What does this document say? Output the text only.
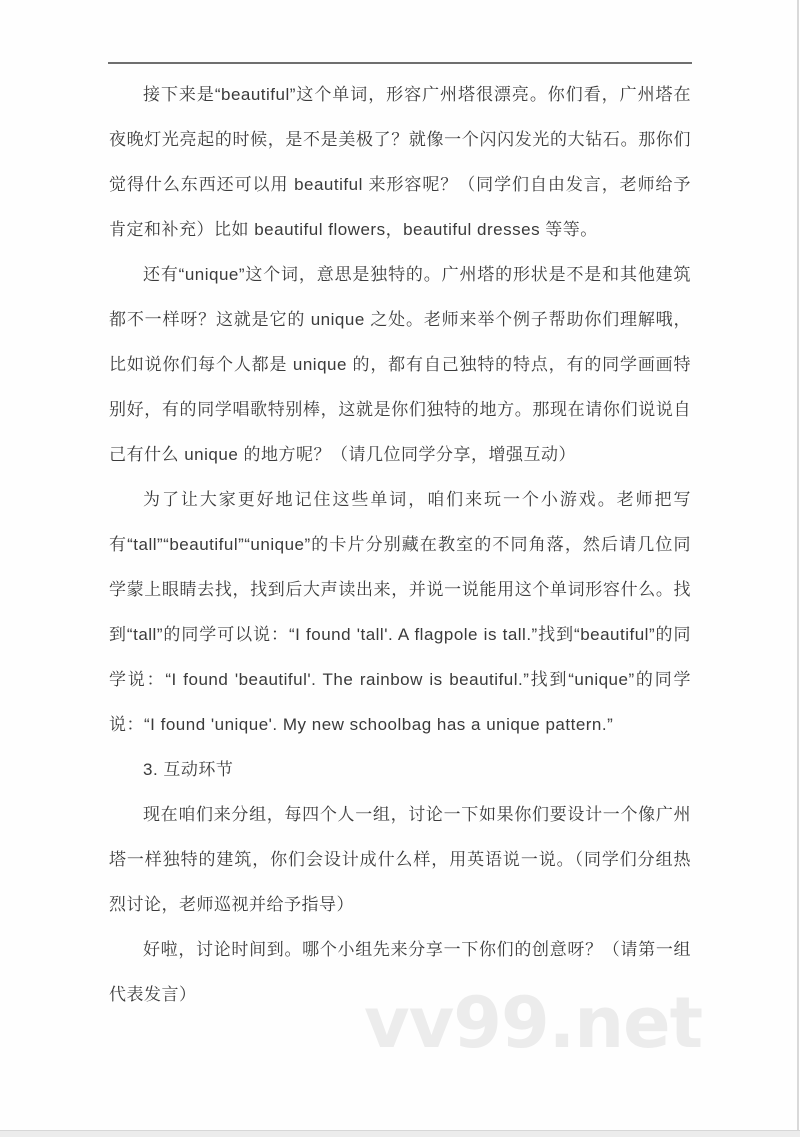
接下来是“beautiful”这个单词，形容广州塔很漂亮。你们看，广州塔在夜晚灯光亮起的时候，是不是美极了？就像一个闪闪发光的大钻石。那你们觉得什么东西还可以用 beautiful 来形容呢？（同学们自由发言，老师给予肯定和补充）比如 beautiful flowers，beautiful dresses 等等。

还有“unique”这个词，意思是独特的。广州塔的形状是不是和其他建筑都不一样呀？这就是它的 unique 之处。老师来举个例子帮助你们理解哦，比如说你们每个人都是 unique 的，都有自己独特的特点，有的同学画画特别好，有的同学唱歌特别棒，这就是你们独特的地方。那现在请你们说说自己有什么 unique 的地方呢？（请几位同学分享，增强互动）

为了让大家更好地记住这些单词，咱们来玩一个小游戏。老师把写有“tall”“beautiful”“unique”的卡片分别藏在教室的不同角落，然后请几位同学蒙上眼睛去找，找到后大声读出来，并说一说能用这个单词形容什么。找到“tall”的同学可以说：“I found 'tall'. A flagpole is tall.”找到“beautiful”的同学说：“I found 'beautiful'. The rainbow is beautiful.”找到“unique”的同学说：“I found 'unique'. My new schoolbag has a unique pattern.”

3. 互动环节

现在咱们来分组，每四个人一组，讨论一下如果你们要设计一个像广州塔一样独特的建筑，你们会设计成什么样，用英语说一说。（同学们分组热烈讨论，老师巡视并给予指导）

好啦，讨论时间到。哪个小组先来分享一下你们的创意呀？（请第一组代表发言）	vv99.net
